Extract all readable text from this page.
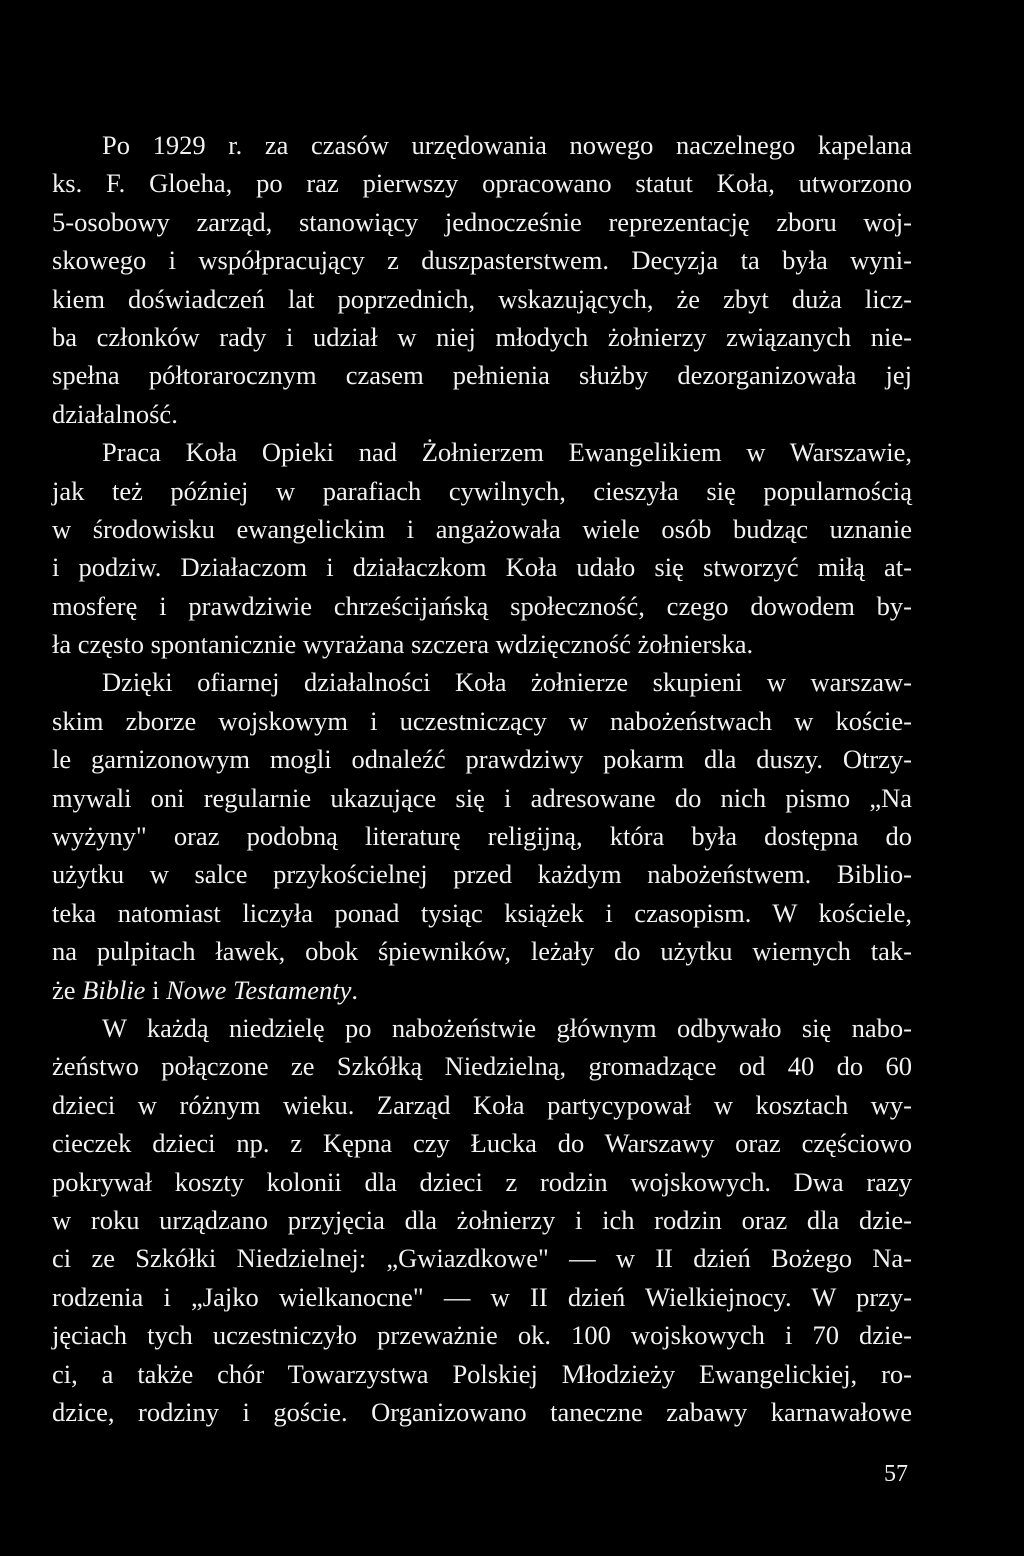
Po 1929 r. za czasów urzędowania nowego naczelnego kapelana
ks. F. Gloeha, po raz pierwszy opracowano statut Koła, utworzono
5-osobowy zarząd, stanowiący jednocześnie reprezentację zboru woj-
skowego i współpracujący z duszpasterstwem. Decyzja ta była wyni-
kiem doświadczeń lat poprzednich, wskazujących, że zbyt duża licz-
ba członków rady i udział w niej młodych żołnierzy związanych nie-
spełna półtorarocznym czasem pełnienia służby dezorganizowała jej
działalność.
Praca Koła Opieki nad Żołnierzem Ewangelikiem w Warszawie,
jak też później w parafiach cywilnych, cieszyła się popularnością
w środowisku ewangelickim i angażowała wiele osób budząc uznanie
i podziw. Działaczom i działaczkom Koła udało się stworzyć miłą at-
mosferę i prawdziwie chrześcijańską społeczność, czego dowodem by-
ła często spontanicznie wyrażana szczera wdzięczność żołnierska.
Dzięki ofiarnej działalności Koła żołnierze skupieni w warszaw-
skim zborze wojskowym i uczestniczący w nabożeństwach w koście-
le garnizonowym mogli odnaleźć prawdziwy pokarm dla duszy. Otrzy-
mywali oni regularnie ukazujące się i adresowane do nich pismo „Na
wyżyny" oraz podobną literaturę religijną, która była dostępna do
użytku w salce przykościelnej przed każdym nabożeństwem. Biblio-
teka natomiast liczyła ponad tysiąc książek i czasopism. W kościele,
na pulpitach ławek, obok śpiewników, leżały do użytku wiernych tak-
że Biblie i Nowe Testamenty.
W każdą niedzielę po nabożeństwie głównym odbywało się nabo-
żeństwo połączone ze Szkółką Niedzielną, gromadzące od 40 do 60
dzieci w różnym wieku. Zarząd Koła partycypował w kosztach wy-
cieczek dzieci np. z Kępna czy Łucka do Warszawy oraz częściowo
pokrywał koszty kolonii dla dzieci z rodzin wojskowych. Dwa razy
w roku urządzano przyjęcia dla żołnierzy i ich rodzin oraz dla dzie-
ci ze Szkółki Niedzielnej: „Gwiazdkowe" — w II dzień Bożego Na-
rodzenia i „Jajko wielkanocne" — w II dzień Wielkiejnocy. W przy-
jęciach tych uczestniczyło przeważnie ok. 100 wojskowych i 70 dzie-
ci, a także chór Towarzystwa Polskiej Młodzieży Ewangelickiej, ro-
dzice, rodziny i goście. Organizowano taneczne zabawy karnawałowe
57
